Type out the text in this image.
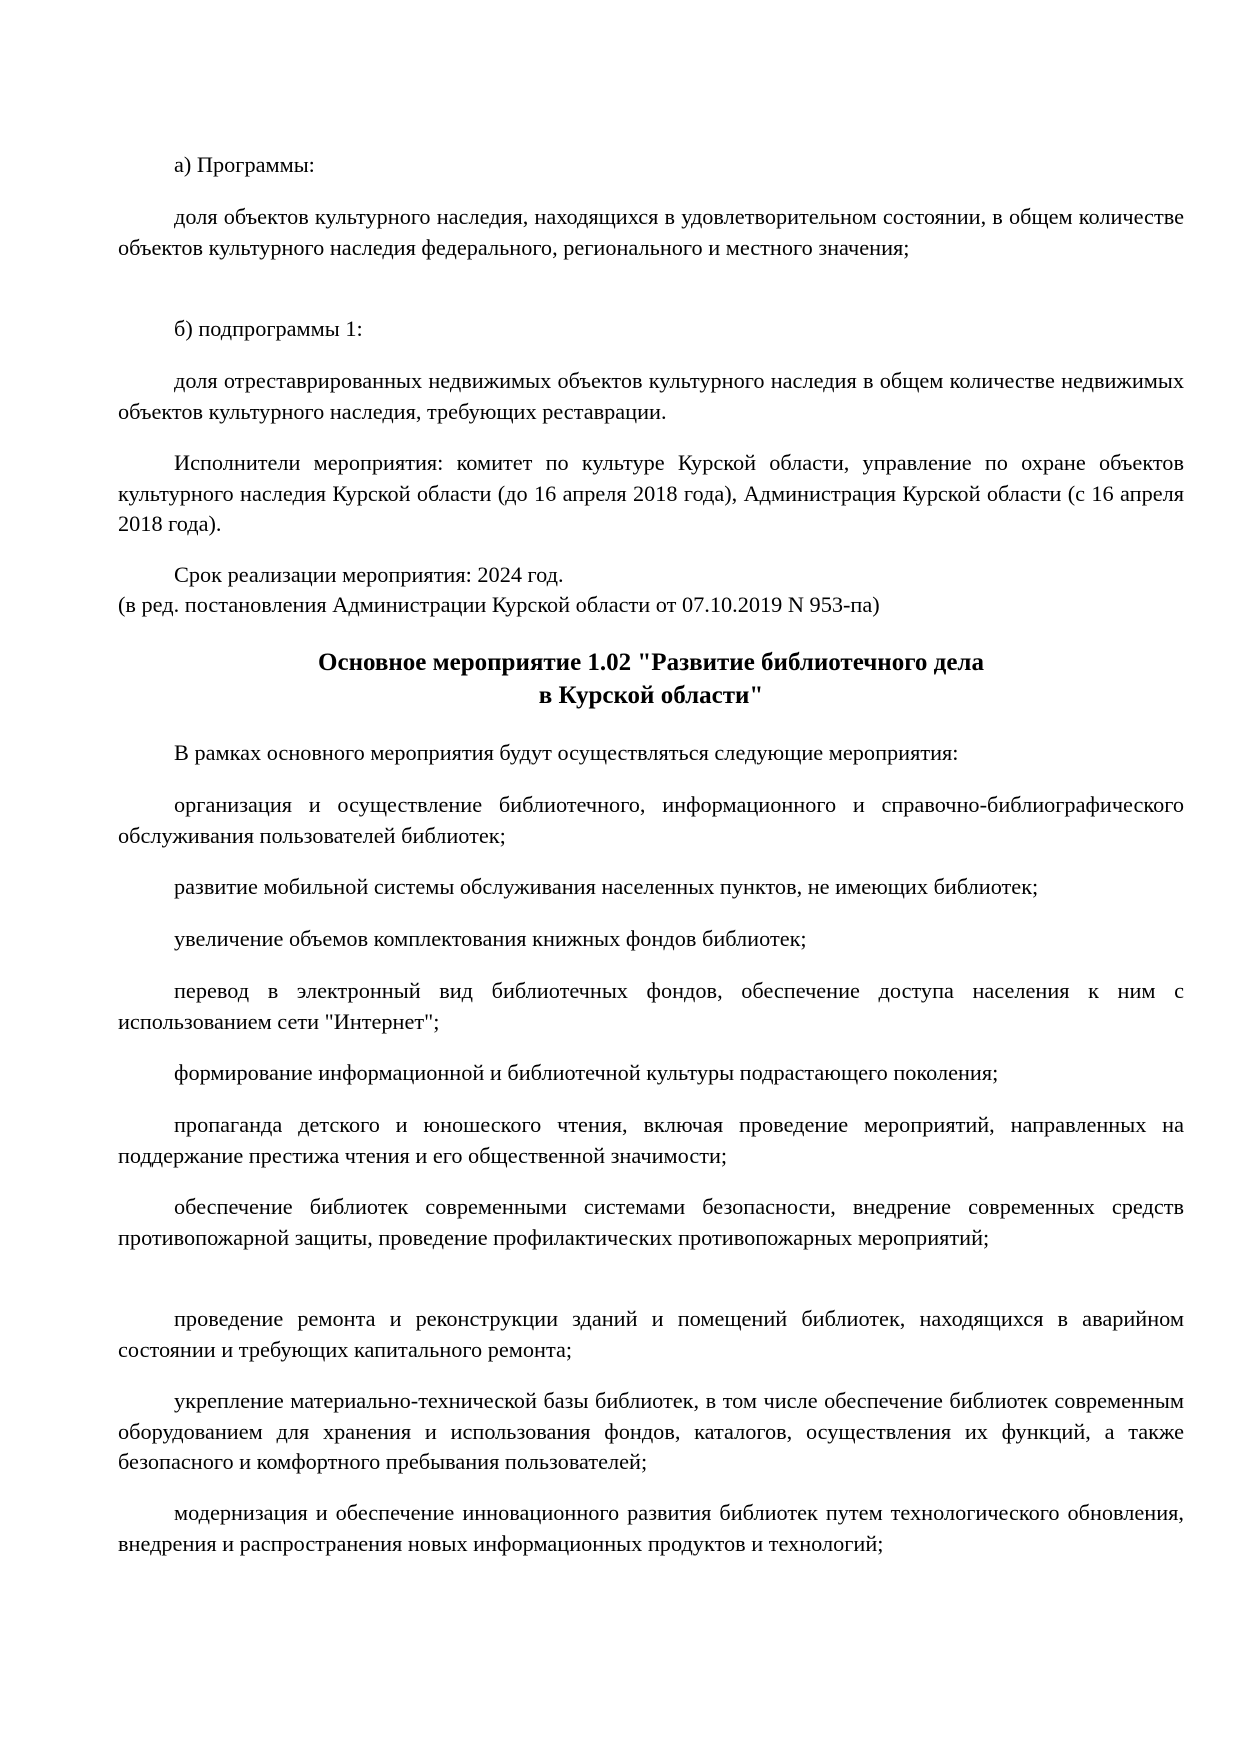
а) Программы:

доля объектов культурного наследия, находящихся в удовлетворительном состоянии, в общем количестве объектов культурного наследия федерального, регионального и местного значения;

б) подпрограммы 1:

доля отреставрированных недвижимых объектов культурного наследия в общем количестве недвижимых объектов культурного наследия, требующих реставрации.

Исполнители мероприятия: комитет по культуре Курской области, управление по охране объектов культурного наследия Курской области (до 16 апреля 2018 года), Администрация Курской области (с 16 апреля 2018 года).

Срок реализации мероприятия: 2024 год.

(в ред. постановления Администрации Курской области от 07.10.2019 N 953-па)

Основное мероприятие 1.02 "Развитие библиотечного дела
в Курской области"

В рамках основного мероприятия будут осуществляться следующие мероприятия:

организация и осуществление библиотечного, информационного и справочно-библиографического обслуживания пользователей библиотек;

развитие мобильной системы обслуживания населенных пунктов, не имеющих библиотек;

увеличение объемов комплектования книжных фондов библиотек;

перевод в электронный вид библиотечных фондов, обеспечение доступа населения к ним с использованием сети "Интернет";

формирование информационной и библиотечной культуры подрастающего поколения;

пропаганда детского и юношеского чтения, включая проведение мероприятий, направленных на поддержание престижа чтения и его общественной значимости;

обеспечение библиотек современными системами безопасности, внедрение современных средств противопожарной защиты, проведение профилактических противопожарных мероприятий;

проведение ремонта и реконструкции зданий и помещений библиотек, находящихся в аварийном состоянии и требующих капитального ремонта;

укрепление материально-технической базы библиотек, в том числе обеспечение библиотек современным оборудованием для хранения и использования фондов, каталогов, осуществления их функций, а также безопасного и комфортного пребывания пользователей;

модернизация и обеспечение инновационного развития библиотек путем технологического обновления, внедрения и распространения новых информационных продуктов и технологий;
